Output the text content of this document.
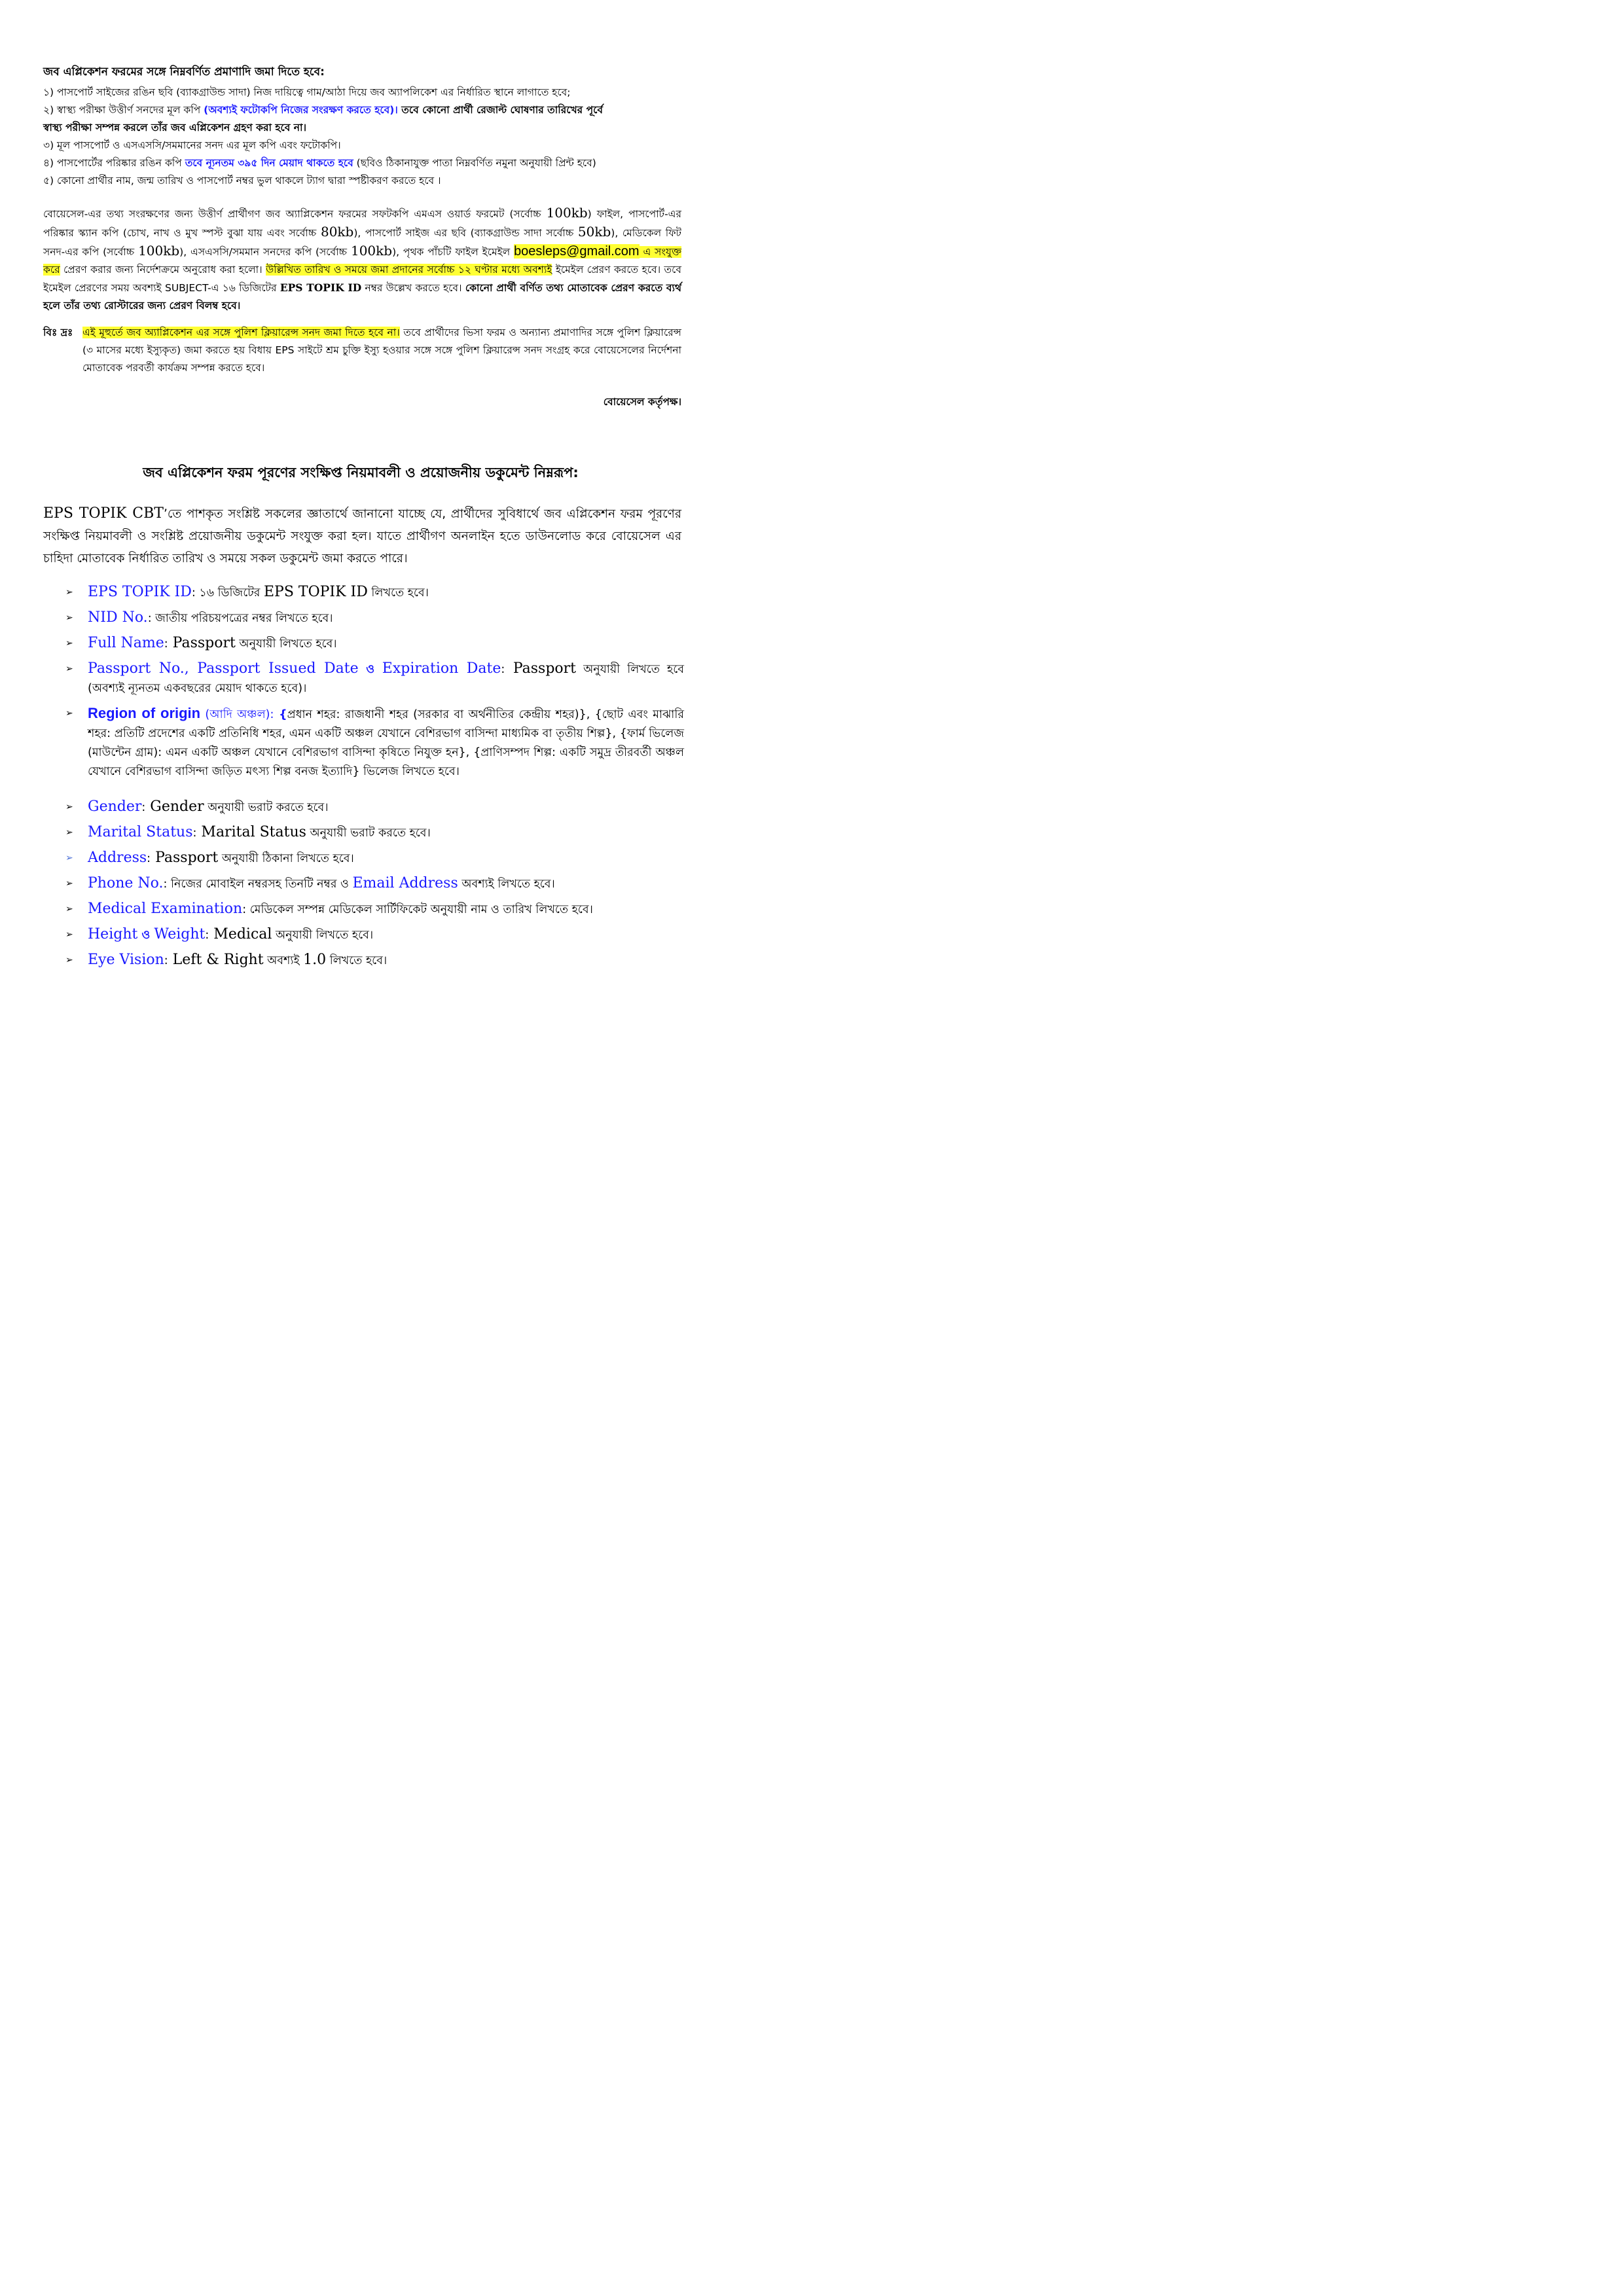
জব এপ্লিকেশন ফরমের সঙ্গে নিম্নবর্ণিত প্রমাণাদি জমা দিতে হবে:
১) পাসপোর্ট সাইজের রঙিন ছবি (ব্যাকগ্রাউন্ড সাদা) নিজ দায়িত্বে গাম/আঠা দিয়ে জব অ্যাপলিকেশ এর নির্ধারিত স্থানে লাগাতে হবে;
২) স্বাস্থ্য পরীক্ষা উত্তীর্ণ সনদের মূল কপি (অবশ্যই ফটোকপি নিজের সংরক্ষণ করতে হবে)। তবে কোনো প্রার্থী রেজাল্ট ঘোষণার তারিখের পূর্বে
স্বাস্থ্য পরীক্ষা সম্পন্ন করলে তাঁর জব এপ্লিকেশন গ্রহণ করা হবে না।
৩) মূল পাসপোর্ট ও এসএসসি/সমমানের সনদ এর মূল কপি এবং ফটোকপি।
৪) পাসপোর্টের পরিষ্কার রঙিন কপি তবে ন্যূনতম ৩৯৫ দিন মেয়াদ থাকতে হবে (ছবিও ঠিকানাযুক্ত পাতা নিম্নবর্ণিত নমুনা অনুযায়ী প্রিন্ট হবে)
৫) কোনো প্রার্থীর নাম, জন্ম তারিখ ও পাসপোর্ট নম্বর ভুল থাকলে ট্যাগ দ্বারা স্পষ্টীকরণ করতে হবে ।
বোয়েসেল-এর তথ্য সংরক্ষণের জন্য উত্তীর্ণ প্রার্থীগণ জব অ্যাপ্লিকেশন ফরমের সফটকপি এমএস ওয়ার্ড ফরমেট (সর্বোচ্চ 100kb) ফাইল, পাসপোর্ট-এর পরিষ্কার স্ক্যান কপি (চোখ, নাখ ও মুখ স্পস্ট বুঝা যায় এবং সর্বোচ্চ 80kb), পাসপোর্ট সাইজ এর ছবি (ব্যাকগ্রাউন্ড সাদা সর্বোচ্চ 50kb), মেডিকেল ফিট সনদ-এর কপি (সর্বোচ্চ 100kb), এসএসসি/সমমান সনদের কপি (সর্বোচ্চ 100kb), পৃথক পাঁচটি ফাইল ইমেইল boesleps@gmail.com এ সংযুক্ত করে প্রেরণ করার জন্য নির্দেশক্রমে অনুরোধ করা হলো। উল্লিখিত তারিখ ও সময়ে জমা প্রদানের সর্বোচ্চ ১২ ঘণ্টার মধ্যে অবশ্যই ইমেইল প্রেরণ করতে হবে। তবে ইমেইল প্রেরণের সময় অবশ্যই SUBJECT-এ ১৬ ডিজিটের EPS TOPIK ID নম্বর উল্লেখ করতে হবে। কোনো প্রার্থী বর্ণিত তথ্য মোতাবেক প্রেরণ করতে ব্যর্থ হলে তাঁর তথ্য রোস্টারের জন্য প্রেরণ বিলম্ব হবে।
বিঃ দ্রঃ এই মূহুর্তে জব অ্যাপ্লিকেশন এর সঙ্গে পুলিশ ক্লিয়ারেন্স সনদ জমা দিতে হবে না। তবে প্রার্থীদের ভিসা ফরম ও অন্যান্য প্রমাণাদির সঙ্গে পুলিশ ক্লিয়ারেন্স (৩ মাসের মধ্যে ইস্যুকৃত) জমা করতে হয় বিধায় EPS সাইটে শ্রম চুক্তি ইস্যু হওয়ার সঙ্গে সঙ্গে পুলিশ ক্লিয়ারেন্স সনদ সংগ্রহ করে বোয়েসেলের নির্দেশনা মোতাবেক পরবর্তী কার্যক্রম সম্পন্ন করতে হবে।
বোয়েসেল কর্তৃপক্ষ।
জব এপ্লিকেশন ফরম পূরণের সংক্ষিপ্ত নিয়মাবলী ও প্রয়োজনীয় ডকুমেন্ট নিম্নরূপ:
EPS TOPIK CBT’তে পাশকৃত সংশ্লিষ্ট সকলের জ্ঞাতার্থে জানানো যাচ্ছে যে, প্রার্থীদের সুবিধার্থে জব এপ্লিকেশন ফরম পূরণের সংক্ষিপ্ত নিয়মাবলী ও সংশ্লিষ্ট প্রয়োজনীয় ডকুমেন্ট সংযুক্ত করা হল। যাতে প্রার্থীগণ অনলাইন হতে ডাউনলোড করে বোয়েসেল এর চাহিদা মোতাবেক নির্ধারিত তারিখ ও সময়ে সকল ডকুমেন্ট জমা করতে পারে।
➢ EPS TOPIK ID: ১৬ ডিজিটের EPS TOPIK ID লিখতে হবে।
➢ NID No.: জাতীয় পরিচয়পত্রের নম্বর লিখতে হবে।
➢ Full Name: Passport অনুযায়ী লিখতে হবে।
➢ Passport No., Passport Issued Date ও Expiration Date: Passport অনুযায়ী লিখতে হবে (অবশ্যই ন্যূনতম একবছরের মেয়াদ থাকতে হবে)।
➢ Region of origin (আদি অঞ্চল): {প্রধান শহর: রাজধানী শহর (সরকার বা অর্থনীতির কেন্দ্রীয় শহর)}, {ছোট এবং মাঝারি শহর: প্রতিটি প্রদেশের একটি প্রতিনিধি শহর, এমন একটি অঞ্চল যেখানে বেশিরভাগ বাসিন্দা মাধ্যমিক বা তৃতীয় শিল্প}, {ফার্ম ভিলেজ (মাউন্টেন গ্রাম): এমন একটি অঞ্চল যেখানে বেশিরভাগ বাসিন্দা কৃষিতে নিযুক্ত হন}, {প্রাণিসম্পদ শিল্প: একটি সমুদ্র তীরবর্তী অঞ্চল যেখানে বেশিরভাগ বাসিন্দা জড়িত মৎস্য শিল্প বনজ ইত্যাদি} ভিলেজ লিখতে হবে।
➢ Gender: Gender অনুযায়ী ভরাট করতে হবে।
➢ Marital Status: Marital Status অনুযায়ী ভরাট করতে হবে।
➢ Address: Passport অনুযায়ী ঠিকানা লিখতে হবে।
➢ Phone No.: নিজের মোবাইল নম্বরসহ তিনটি নম্বর ও Email Address অবশ্যই লিখতে হবে।
➢ Medical Examination: মেডিকেল সম্পন্ন মেডিকেল সার্টিফিকেট অনুযায়ী নাম ও তারিখ লিখতে হবে।
➢ Height ও Weight: Medical অনুযায়ী লিখতে হবে।
➢ Eye Vision: Left & Right অবশ্যই 1.0 লিখতে হবে।
